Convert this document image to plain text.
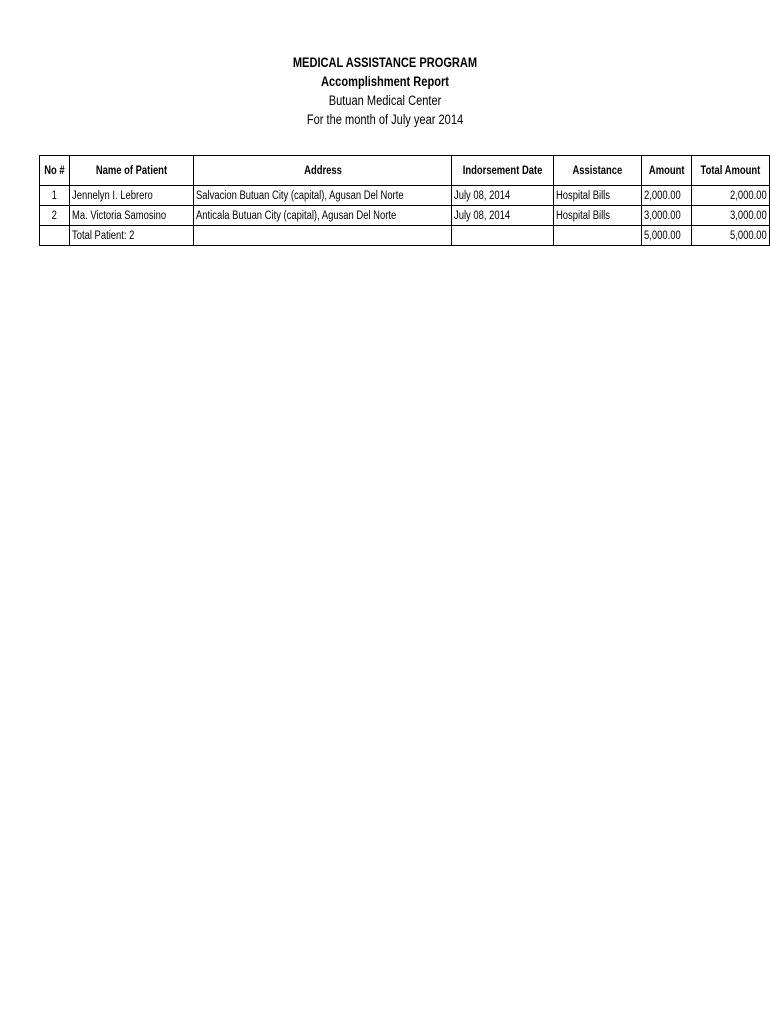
MEDICAL ASSISTANCE PROGRAM
Accomplishment Report
Butuan Medical Center
For the month of July year 2014
No #	Name of Patient	Address	Indorsement Date	Assistance	Amount	Total Amount
1	Jennelyn I. Lebrero	Salvacion Butuan City (capital), Agusan Del Norte	July 08, 2014	Hospital Bills	2,000.00	2,000.00
2	Ma. Victoria Samosino	Anticala Butuan City (capital), Agusan Del Norte	July 08, 2014	Hospital Bills	3,000.00	3,000.00
	Total Patient: 2				5,000.00	5,000.00
